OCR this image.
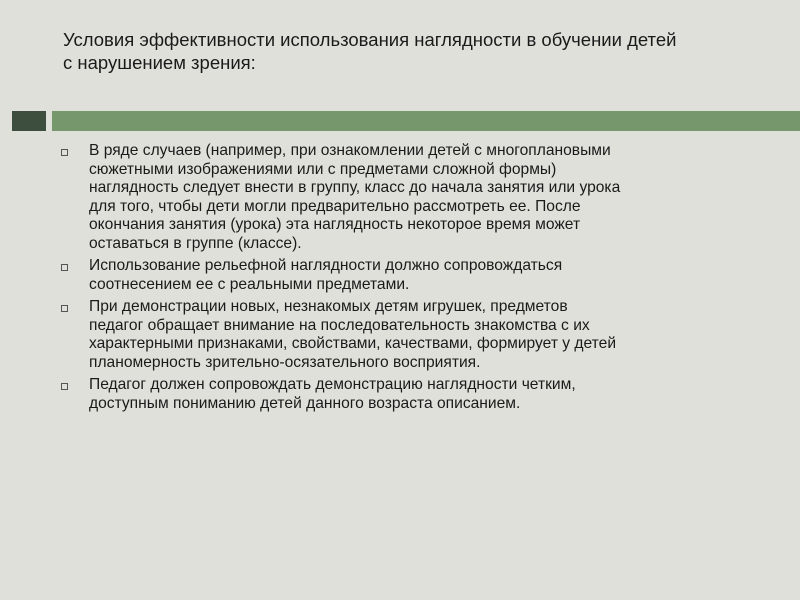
Условия эффективности использования наглядности в обучении детей
с нарушением зрения:
В ряде случаев (например, при ознакомлении детей с многоплановыми
сюжетными изображениями или с предметами сложной формы)
наглядность следует внести в группу, класс до начала занятия или урока
для того, чтобы дети могли предварительно рассмотреть ее. После
окончания занятия (урока) эта наглядность некоторое время может
оставаться в группе (классе).
Использование рельефной наглядности должно сопровождаться
соотнесением ее с реальными предметами.
При демонстрации новых, незнакомых детям игрушек, предметов
педагог обращает внимание на последовательность знакомства с их
характерными признаками, свойствами, качествами, формирует у детей
планомерность зрительно-осязательного восприятия.
Педагог должен сопровождать демонстрацию наглядности четким,
доступным пониманию детей данного возраста описанием.
